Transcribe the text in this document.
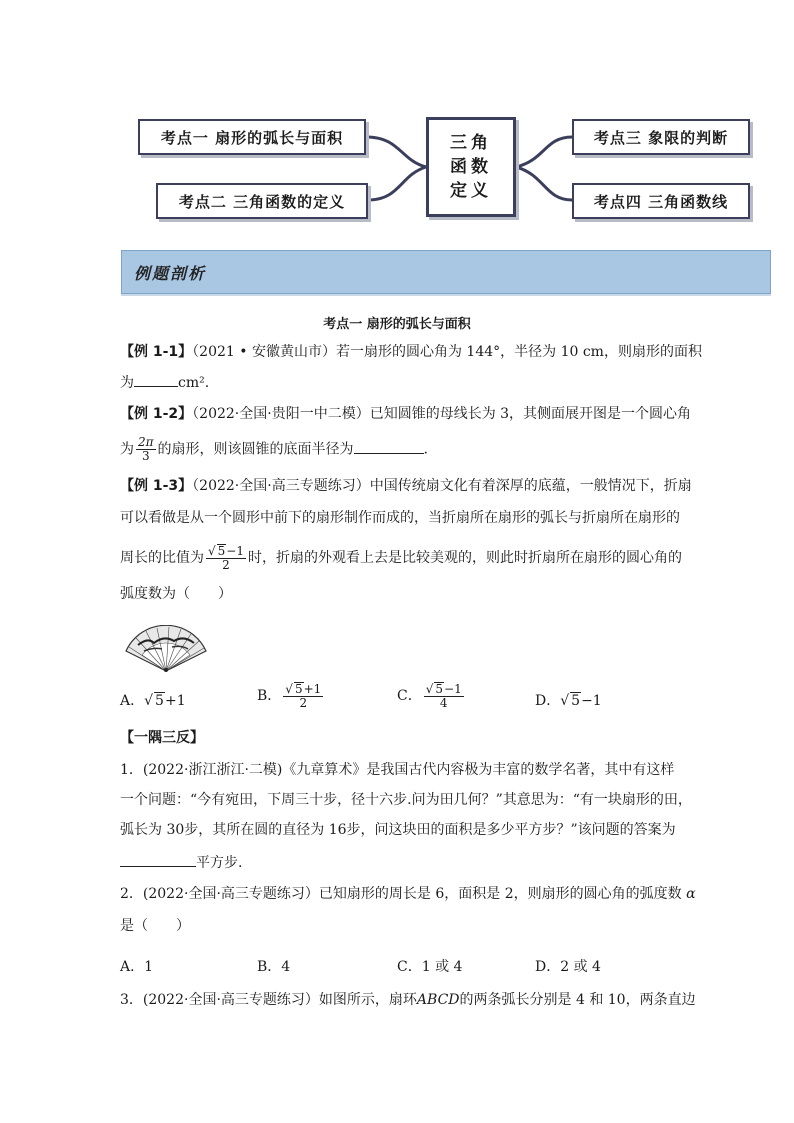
考点一 扇形的弧长与面积
考点二 三角函数的定义
三角函数定义
考点三 象限的判断
考点四 三角函数线
例题剖析
考点一 扇形的弧长与面积
【例 1-1】（2021 • 安徽黄山市）若一扇形的圆心角为 144°，半径为 10 cm，则扇形的面积
为	cm².
【例 1-2】（2022·全国·贵阳一中二模）已知圆锥的母线长为 3，其侧面展开图是一个圆心角
为 $\frac{2\pi}{3}$ 的扇形，则该圆锥的底面半径为	.
【例 1-3】（2022·全国·高三专题练习）中国传统扇文化有着深厚的底蕴，一般情况下，折扇
可以看做是从一个圆形中前下的扇形制作而成的，当折扇所在扇形的弧长与折扇所在扇形的
周长的比值为 $\frac{√ 5-1}{2}$ 时，折扇的外观看上去是比较美观的，则此时折扇所在扇形的圆心角的
弧度数为（　　）
A．√ 5+1	B． $\frac{√ 5+1}{2}$	C． $\frac{√ 5-1}{4}$	D．√ 5−1
【一隅三反】
1．(2022·浙江浙江·二模)《九章算术》是我国古代内容极为丰富的数学名著，其中有这样
一个问题：“今有宛田，下周三十步，径十六步.问为田几何？”其意思为：“有一块扇形的田，
弧长为 30步，其所在圆的直径为 16步，问这块田的面积是多少平方步？”该问题的答案为
平方步.
2．(2022·全国·高三专题练习）已知扇形的周长是 6，面积是 2，则扇形的圆心角的弧度数 α
是（　　）
A．1	B．4	C．1 或 4	D．2 或 4
3．(2022·全国·高三专题练习）如图所示，扇环ABCD的两条弧长分别是 4 和 10，两条直边
